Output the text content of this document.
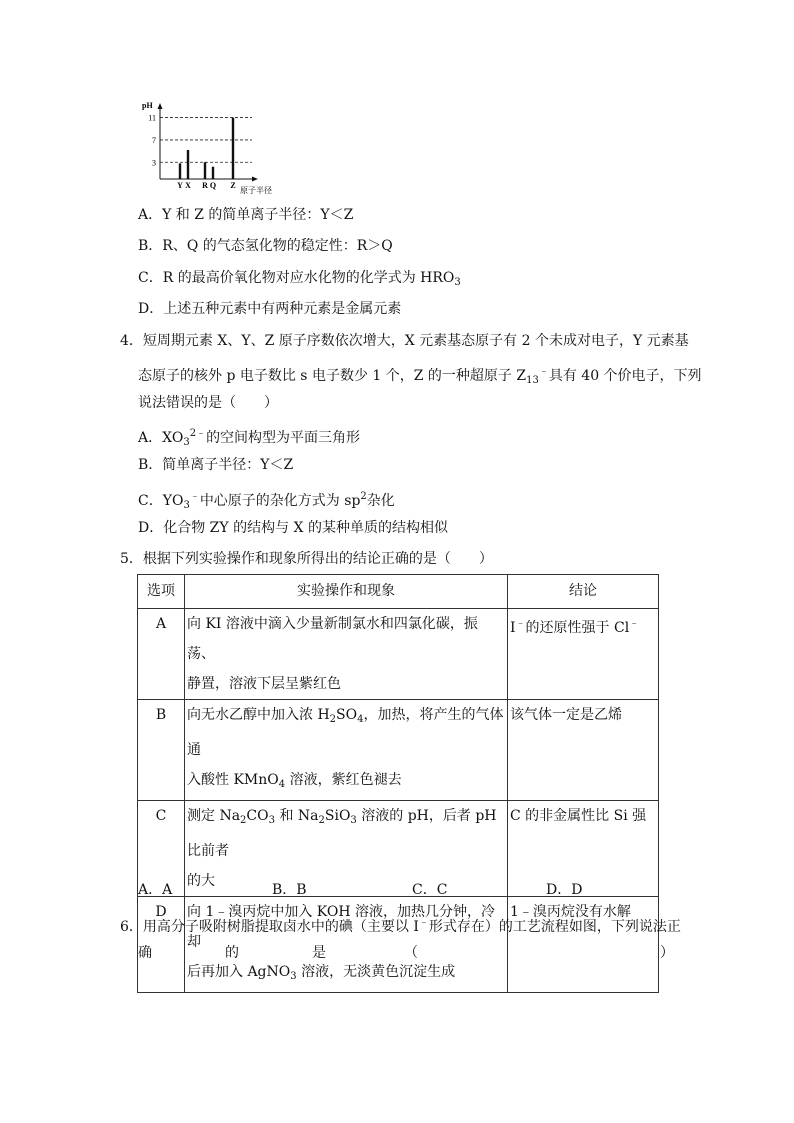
pH
原子半径
3
7
11
Y X R Q Z
A．Y 和 Z 的简单离子半径：Y＜Z
B．R、Q 的气态氢化物的稳定性：R＞Q
C．R 的最高价氧化物对应水化物的化学式为 $HRO_3$
D．上述五种元素中有两种元素是金属元素
4．短周期元素 X、Y、Z 原子序数依次增大，X 元素基态原子有 2 个未成对电子，Y 元素基
态原子的核外 p 电子数比 s 电子数少 1 个，Z 的一种超原子 $Z_{13}^﹣$具有 40 个价电子，下列
说法错误的是（　　）
A．$XO_3^{2﹣}$的空间构型为平面三角形
B．简单离子半径：Y＜Z
C．$YO_3^﹣$中心原子的杂化方式为 $sp^2$杂化
D．化合物 ZY 的结构与 X 的某种单质的结构相似
5．根据下列实验操作和现象所得出的结论正确的是（　　）
选项	实验操作和现象	结论
A	向 KI 溶液中滴入少量新制氯水和四氯化碳，振荡、
静置，溶液下层呈紫红色	I﹣的还原性强于 Cl﹣
B	向无水乙醇中加入浓 $H_2SO_4$，加热，将产生的气体通
入酸性 KMnO$_4$ 溶液，紫红色褪去	该气体一定是乙烯
C	测定 $Na_2CO_3$ 和 $Na_2SiO_3$ 溶液的 pH，后者 pH 比前者
的大	C 的非金属性比 Si 强
D	向 1﹣溴丙烷中加入 KOH 溶液，加热几分钟，冷却
后再加入 AgNO$_3$ 溶液，无淡黄色沉淀生成	1﹣溴丙烷没有水解
A．A	B．B	C．C	D．D
6．用高分子吸附树脂提取卤水中的碘（主要以 I﹣形式存在）的工艺流程如图，下列说法正
确	的	是	（	）
